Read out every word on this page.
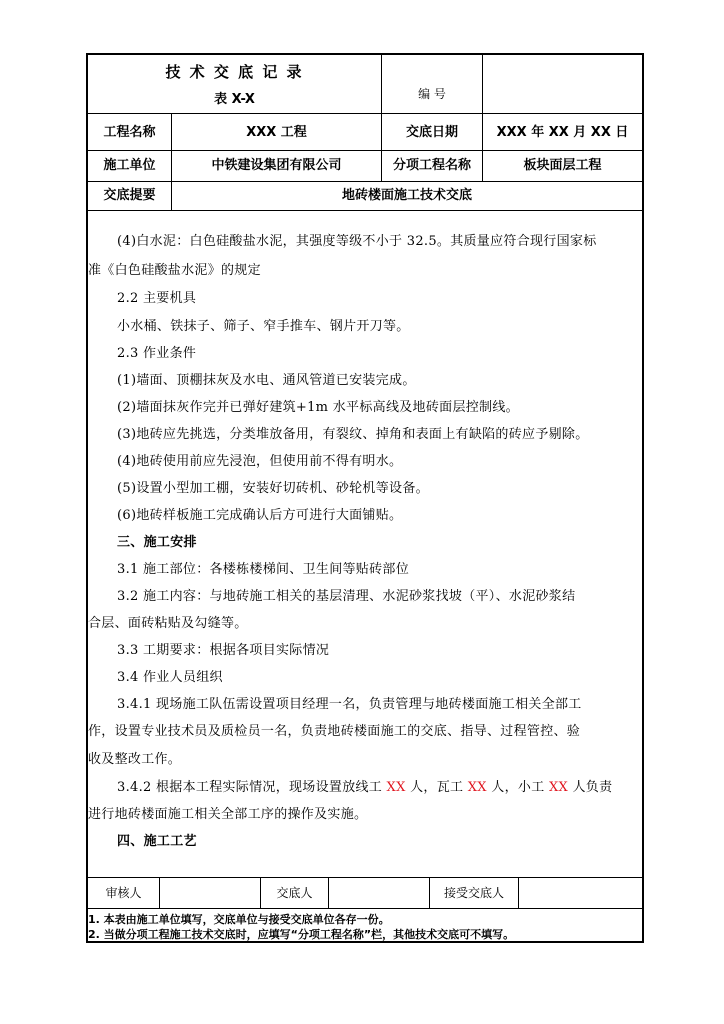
技 术 交 底 记 录
表 X-X	编 号
工程名称	XXX 工程	交底日期	XXX 年 XX 月 XX 日
施工单位	中铁建设集团有限公司	分项工程名称	板块面层工程
交底提要	地砖楼面施工技术交底
(4)白水泥：白色硅酸盐水泥，其强度等级不小于 32.5。其质量应符合现行国家标
准《白色硅酸盐水泥》的规定
2.2 主要机具
小水桶、铁抹子、筛子、窄手推车、钢片开刀等。
2.3 作业条件
(1)墙面、顶棚抹灰及水电、通风管道已安装完成。
(2)墙面抹灰作完并已弹好建筑+1m 水平标高线及地砖面层控制线。
(3)地砖应先挑选，分类堆放备用，有裂纹、掉角和表面上有缺陷的砖应予剔除。
(4)地砖使用前应先浸泡，但使用前不得有明水。
(5)设置小型加工棚，安装好切砖机、砂轮机等设备。
(6)地砖样板施工完成确认后方可进行大面铺贴。
三、施工安排
3.1 施工部位：各楼栋楼梯间、卫生间等贴砖部位
3.2 施工内容：与地砖施工相关的基层清理、水泥砂浆找坡（平）、水泥砂浆结
合层、面砖粘贴及勾缝等。
3.3 工期要求：根据各项目实际情况
3.4 作业人员组织
3.4.1 现场施工队伍需设置项目经理一名，负责管理与地砖楼面施工相关全部工
作，设置专业技术员及质检员一名，负责地砖楼面施工的交底、指导、过程管控、验
收及整改工作。
3.4.2 根据本工程实际情况，现场设置放线工 XX 人，瓦工 XX 人，小工 XX 人负责
进行地砖楼面施工相关全部工序的操作及实施。
四、施工工艺
审核人	交底人	接受交底人
1. 本表由施工单位填写，交底单位与接受交底单位各存一份。
2. 当做分项工程施工技术交底时，应填写“分项工程名称”栏，其他技术交底可不填写。
